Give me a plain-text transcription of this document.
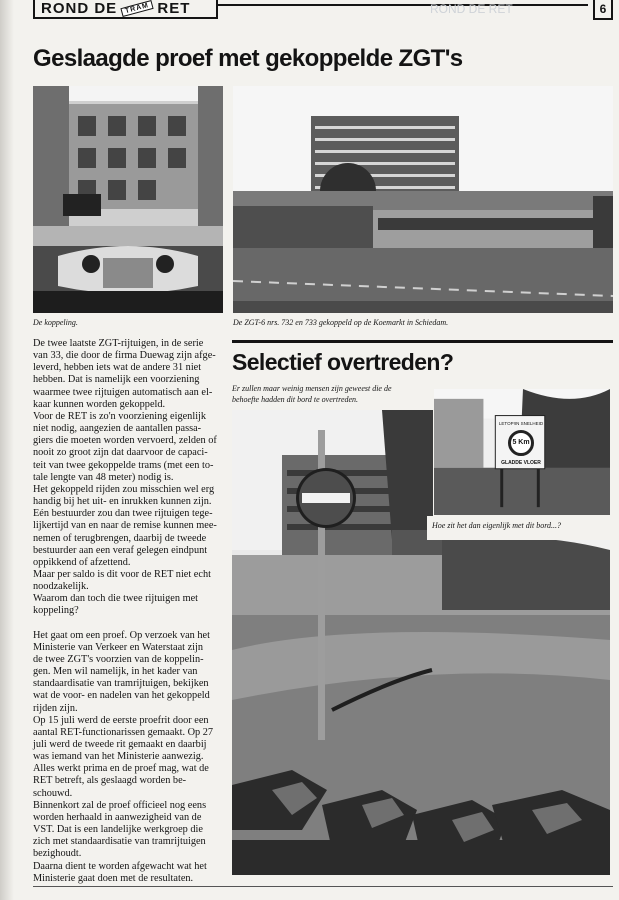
ROND DE	TRAM RET	ROND DE RET	6
Geslaagde proef met gekoppelde ZGT's
De koppeling.	De ZGT-6 nrs. 732 en 733 gekoppeld op de Koemarkt in Schiedam.

De twee laatste ZGT-rijtuigen, in de serie

van 33, die door de firma Duewag zijn afge-

leverd, hebben iets wat de andere 31 niet

hebben. Dat is namelijk een voorziening

waarmee twee rijtuigen automatisch aan el-

kaar kunnen worden gekoppeld.

Voor de RET is zo'n voorziening eigenlijk

niet nodig, aangezien de aantallen passa-

giers die moeten worden vervoerd, zelden of

nooit zo groot zijn dat daarvoor de capaci-

teit van twee gekoppelde trams (met een to-

tale lengte van 48 meter) nodig is.

Het gekoppeld rijden zou misschien wel erg

handig bij het uit- en inrukken kunnen zijn.

Eén bestuurder zou dan twee rijtuigen tege-

lijkertijd van en naar de remise kunnen mee-

nemen of terugbrengen, daarbij de tweede

bestuurder aan een veraf gelegen eindpunt

oppikkend of afzettend.

Maar per saldo is dit voor de RET niet echt

noodzakelijk.

Waarom dan toch die twee rijtuigen met

koppeling?

Het gaat om een proef. Op verzoek van het

Ministerie van Verkeer en Waterstaat zijn

de twee ZGT's voorzien van de koppelin-

gen. Men wil namelijk, in het kader van

standaardisatie van tramrijtuigen, bekijken

wat de voor- en nadelen van het gekoppeld

rijden zijn.

Op 15 juli werd de eerste proefrit door een

aantal RET-functionarissen gemaakt. Op 27

juli werd de tweede rit gemaakt en daarbij

was iemand van het Ministerie aanwezig.

Alles werkt prima en de proef mag, wat de

RET betreft, als geslaagd worden be-

schouwd.

Binnenkort zal de proef officieel nog eens

worden herhaald in aanwezigheid van de

VST. Dat is een landelijke werkgroep die

zich met standaardisatie van tramrijtuigen

bezighoudt.

Daarna dient te worden afgewacht wat het

Ministerie gaat doen met de resultaten.

Selectief overtreden?

Er zullen maar weinig mensen zijn geweest die de

behoefte hadden dit bord te overtreden.

LETOP!IN SNELHEID
5 Km
GLADDE VLOER
Hoe zit het dan eigenlijk met dit bord...?
